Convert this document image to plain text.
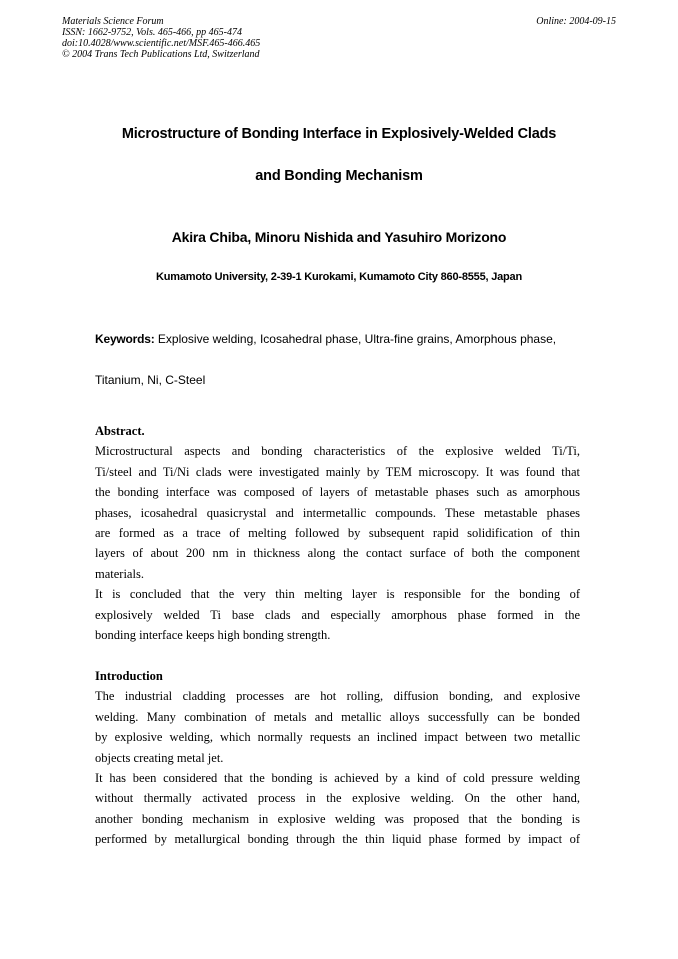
Materials Science Forum
ISSN: 1662-9752, Vols. 465-466, pp 465-474
doi:10.4028/www.scientific.net/MSF.465-466.465
© 2004 Trans Tech Publications Ltd, Switzerland
Online: 2004-09-15
Microstructure of Bonding Interface in Explosively-Welded Clads
and Bonding Mechanism
Akira Chiba, Minoru Nishida and Yasuhiro Morizono
Kumamoto University, 2-39-1 Kurokami, Kumamoto City 860-8555, Japan
Keywords: Explosive welding, Icosahedral phase, Ultra-fine grains, Amorphous phase,
Titanium, Ni, C-Steel
Abstract.
Microstructural aspects and bonding characteristics of the explosive welded Ti/Ti,
Ti/steel and Ti/Ni clads were investigated mainly by TEM microscopy. It was found that
the bonding interface was composed of layers of metastable phases such as amorphous
phases, icosahedral quasicrystal and intermetallic compounds. These metastable phases
are formed as a trace of melting followed by subsequent rapid solidification of thin
layers of about 200 nm in thickness along the contact surface of both the component
materials.
It is concluded that the very thin melting layer is responsible for the bonding of
explosively welded Ti base clads and especially amorphous phase formed in the
bonding interface keeps high bonding strength.
Introduction
The industrial cladding processes are hot rolling, diffusion bonding, and explosive
welding. Many combination of metals and metallic alloys successfully can be bonded
by explosive welding, which normally requests an inclined impact between two metallic
objects creating metal jet.
It has been considered that the bonding is achieved by a kind of cold pressure welding
without thermally activated process in the explosive welding. On the other hand,
another bonding mechanism in explosive welding was proposed that the bonding is
performed by metallurgical bonding through the thin liquid phase formed by impact of
